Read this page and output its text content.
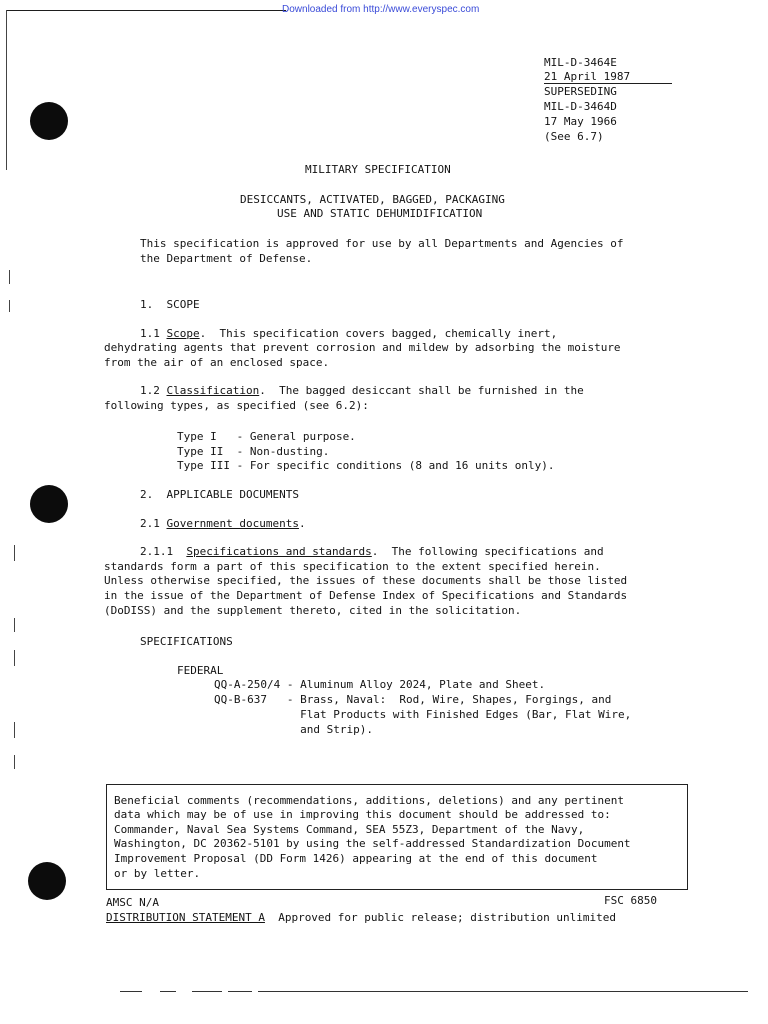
Downloaded from http://www.everyspec.com
MIL-D-3464E
21 April 1987
SUPERSEDING
MIL-D-3464D
17 May 1966
(See 6.7)
MILITARY SPECIFICATION
DESICCANTS, ACTIVATED, BAGGED, PACKAGING
USE AND STATIC DEHUMIDIFICATION
This specification is approved for use by all Departments and Agencies of
the Department of Defense.
1.  SCOPE
1.1 Scope.  This specification covers bagged, chemically inert,
dehydrating agents that prevent corrosion and mildew by adsorbing the moisture
from the air of an enclosed space.
1.2 Classification.  The bagged desiccant shall be furnished in the
following types, as specified (see 6.2):
Type I   - General purpose.
Type II  - Non-dusting.
Type III - For specific conditions (8 and 16 units only).
2.  APPLICABLE DOCUMENTS
2.1 Government documents.
2.1.1  Specifications and standards.  The following specifications and
standards form a part of this specification to the extent specified herein.
Unless otherwise specified, the issues of these documents shall be those listed
in the issue of the Department of Defense Index of Specifications and Standards
(DoDISS) and the supplement thereto, cited in the solicitation.
SPECIFICATIONS
FEDERAL
QQ-A-250/4 - Aluminum Alloy 2024, Plate and Sheet.
QQ-B-637   - Brass, Naval:  Rod, Wire, Shapes, Forgings, and
Flat Products with Finished Edges (Bar, Flat Wire,
and Strip).
Beneficial comments (recommendations, additions, deletions) and any pertinent
data which may be of use in improving this document should be addressed to:
Commander, Naval Sea Systems Command, SEA 55Z3, Department of the Navy,
Washington, DC 20362-5101 by using the self-addressed Standardization Document
Improvement Proposal (DD Form 1426) appearing at the end of this document
or by letter.
AMSC N/A	FSC 6850
DISTRIBUTION STATEMENT A  Approved for public release; distribution unlimited
